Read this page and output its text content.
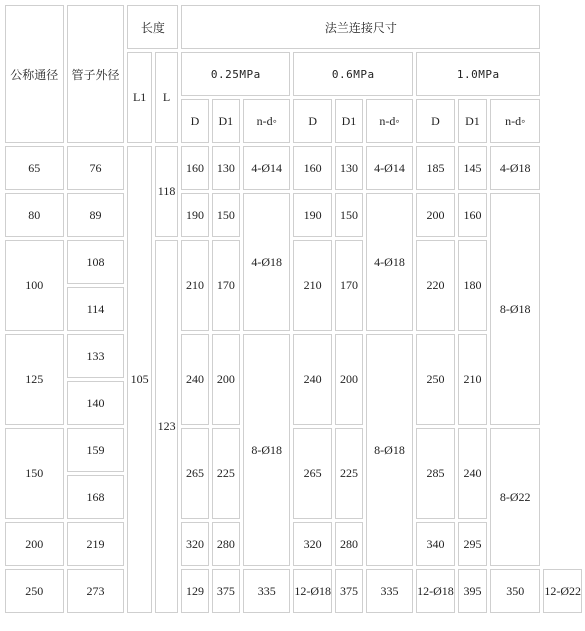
公称通径	管子外径	长度		法兰连接尺寸									
		L1	L	0.25MPa			0.6MPa			1.0MPa			
				D	D1	n-d◦	D	D1	n-d◦	D	D1	n-d◦	
65	76	105	118	160	130	4-Ø14	160	130	4-Ø14	185	145	4-Ø18	
80	89			190	150	4-Ø18	190	150	4-Ø18	200	160	8-Ø18	
100	108		123	210	170		210	170		220	180		
	114												
125	133			240	200	8-Ø18	240	200	8-Ø18	250	210		
	140												
150	159			265	225		265	225		285	240	8-Ø22	
	168												
200	219			320	280		320	280		340	295		
250	273			129	375	335	12-Ø18	375	335	12-Ø18	395	350	12-Ø22
